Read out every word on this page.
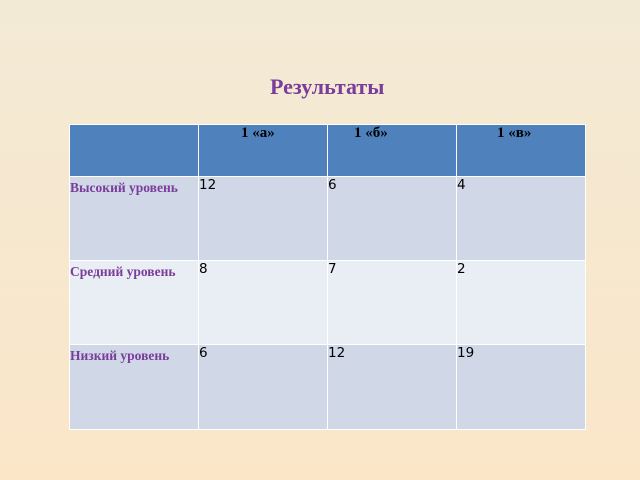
Результаты
	1 «а»	1 «б»	1 «в»
Высокий уровень	12	6	4
Средний уровень	8	7	2
Низкий уровень	6	12	19
